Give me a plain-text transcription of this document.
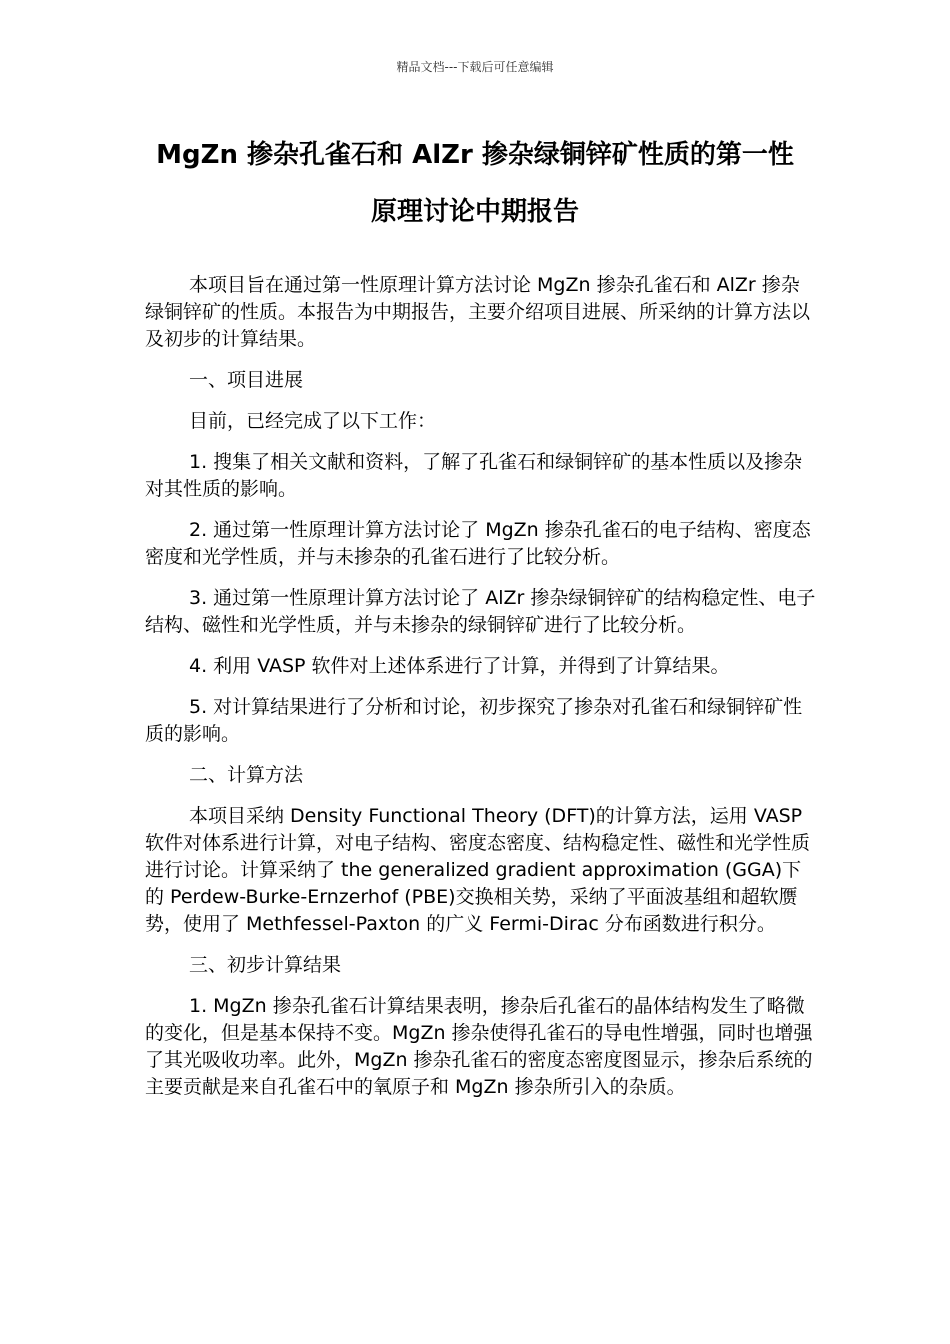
精品文档---下载后可任意编辑
MgZn 掺杂孔雀石和 AlZr 掺杂绿铜锌矿性质的第一性
原理讨论中期报告

本项目旨在通过第一性原理计算方法讨论 MgZn 掺杂孔雀石和 AlZr 掺杂绿铜锌矿的性质。本报告为中期报告，主要介绍项目进展、所采纳的计算方法以及初步的计算结果。

一、项目进展

目前，已经完成了以下工作：

1. 搜集了相关文献和资料，了解了孔雀石和绿铜锌矿的基本性质以及掺杂对其性质的影响。

2. 通过第一性原理计算方法讨论了 MgZn 掺杂孔雀石的电子结构、密度态密度和光学性质，并与未掺杂的孔雀石进行了比较分析。

3. 通过第一性原理计算方法讨论了 AlZr 掺杂绿铜锌矿的结构稳定性、电子结构、磁性和光学性质，并与未掺杂的绿铜锌矿进行了比较分析。

4. 利用 VASP 软件对上述体系进行了计算，并得到了计算结果。

5. 对计算结果进行了分析和讨论，初步探究了掺杂对孔雀石和绿铜锌矿性质的影响。

二、计算方法

本项目采纳 Density Functional Theory (DFT)的计算方法，运用 VASP 软件对体系进行计算，对电子结构、密度态密度、结构稳定性、磁性和光学性质进行讨论。计算采纳了 the generalized gradient approximation (GGA)下的 Perdew-Burke-Ernzerhof (PBE)交换相关势，采纳了平面波基组和超软赝势，使用了 Methfessel-Paxton 的广义 Fermi-Dirac 分布函数进行积分。

三、初步计算结果

1. MgZn 掺杂孔雀石计算结果表明，掺杂后孔雀石的晶体结构发生了略微的变化，但是基本保持不变。MgZn 掺杂使得孔雀石的导电性增强，同时也增强了其光吸收功率。此外，MgZn 掺杂孔雀石的密度态密度图显示，掺杂后系统的主要贡献是来自孔雀石中的氧原子和 MgZn 掺杂所引入的杂质。
